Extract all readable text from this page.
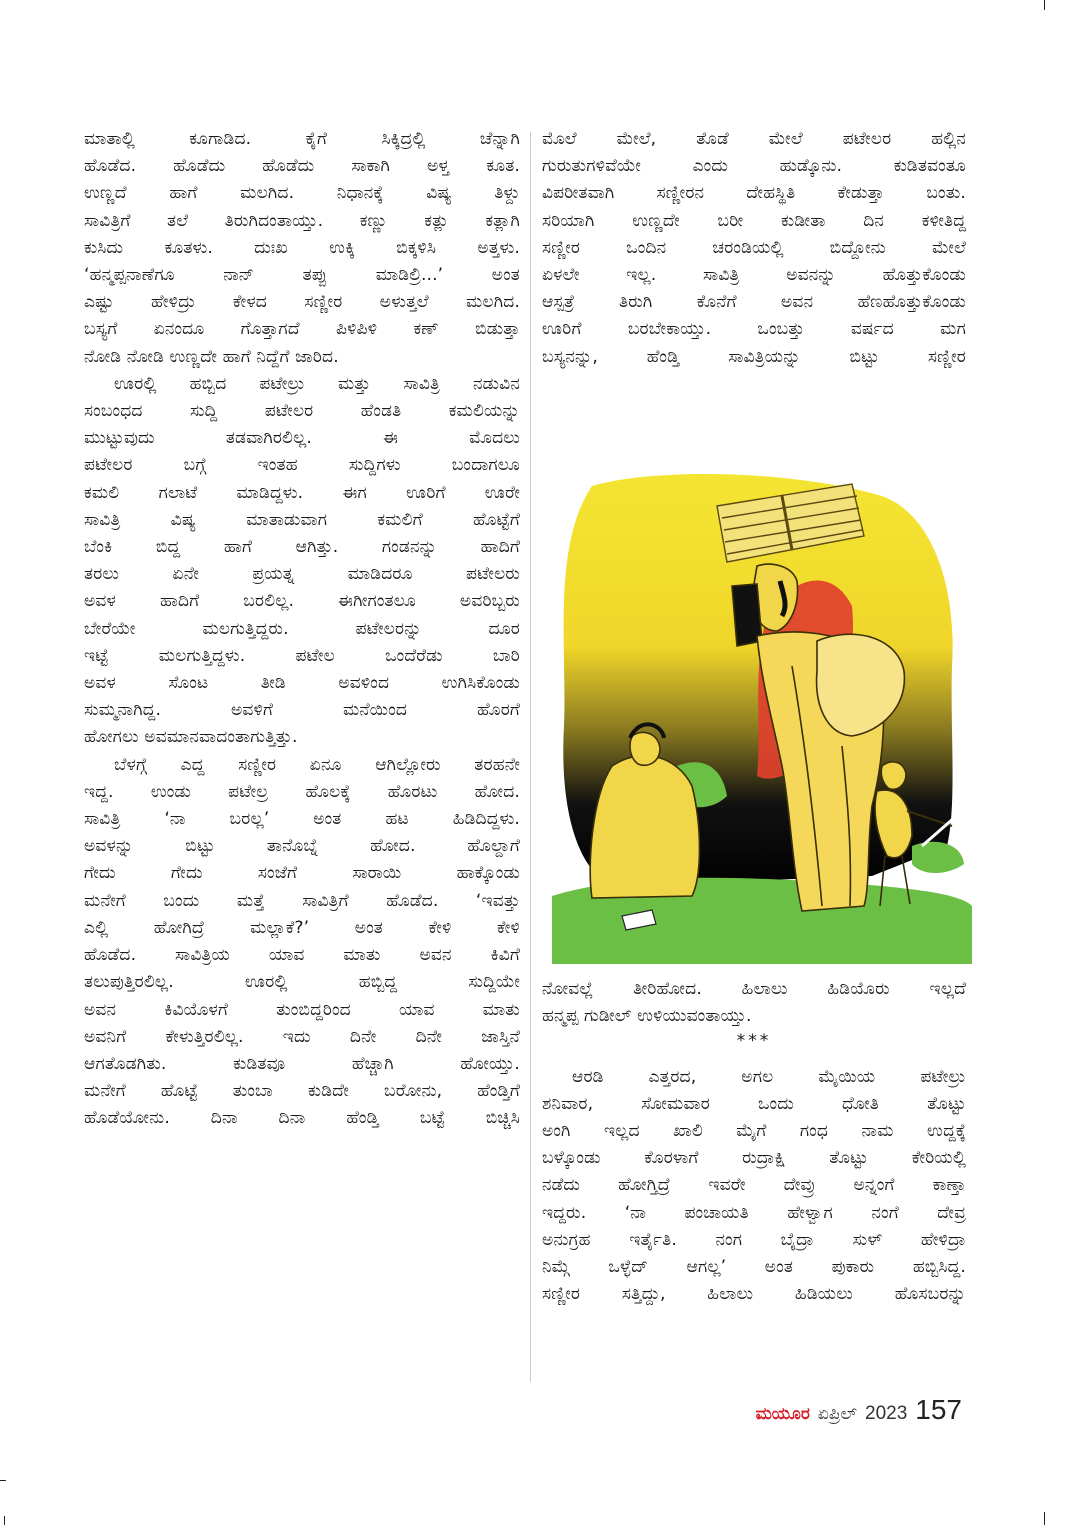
ಮಾತಾಲ್ಲಿ ಕೂಗಾಡಿದ. ಕೈಗೆ ಸಿಕ್ಕಿದ್ರಲ್ಲಿ ಚೆನ್ನಾಗಿ

ಹೊಡೆದ. ಹೊಡೆದು ಹೊಡೆದು ಸಾಕಾಗಿ ಅಳ್ತ ಕೂತ.

ಉಣ್ಣದೆ ಹಾಗೆ ಮಲಗಿದ. ನಿಧಾನಕ್ಕೆ ವಿಷ್ಯ ತಿಳ್ದು

ಸಾವಿತ್ರಿಗೆ ತಲೆ ತಿರುಗಿದಂತಾಯ್ತು. ಕಣ್ಣು ಕತ್ಲು ಕತ್ಲಾಗಿ

ಕುಸಿದು ಕೂತಳು. ದುಃಖ ಉಕ್ಕಿ ಬಿಕ್ಕಳಿಸಿ ಅತ್ತಳು.

‘ಹನ್ಮಪ್ಪನಾಣೆಗೂ ನಾನ್ ತಪ್ಪು ಮಾಡಿಲ್ರಿ...’ ಅಂತ

ಎಷ್ಟು ಹೇಳಿದ್ರು ಕೇಳದ ಸಣ್ಣೀರ ಅಳುತ್ತಲೆ ಮಲಗಿದ.

ಬಸ್ಯಗೆ ಏನಂದೂ ಗೊತ್ತಾಗದೆ ಪಿಳಿಪಿಳಿ ಕಣ್ ಬಿಡುತ್ತಾ

ನೋಡಿ ನೋಡಿ ಉಣ್ಣದೇ ಹಾಗೆ ನಿದ್ದೆಗೆ ಜಾರಿದ.

ಊರಲ್ಲಿ ಹಬ್ಬಿದ ಪಟೇಲ್ರು ಮತ್ತು ಸಾವಿತ್ರಿ ನಡುವಿನ

ಸಂಬಂಧದ ಸುದ್ದಿ ಪಟೇಲರ ಹೆಂಡತಿ ಕಮಲಿಯನ್ನು

ಮುಟ್ಟುವುದು ತಡವಾಗಿರಲಿಲ್ಲ. ಈ ಮೊದಲು

ಪಟೇಲರ ಬಗ್ಗೆ ಇಂತಹ ಸುದ್ದಿಗಳು ಬಂದಾಗಲೂ

ಕಮಲಿ ಗಲಾಟೆ ಮಾಡಿದ್ದಳು. ಈಗ ಊರಿಗೆ ಊರೇ

ಸಾವಿತ್ರಿ ವಿಷ್ಯ ಮಾತಾಡುವಾಗ ಕಮಲಿಗೆ ಹೊಟ್ಟೆಗೆ

ಬೆಂಕಿ ಬಿದ್ದ ಹಾಗೆ ಆಗಿತ್ತು. ಗಂಡನನ್ನು ಹಾದಿಗೆ

ತರಲು ಏನೇ ಪ್ರಯತ್ನ ಮಾಡಿದರೂ ಪಟೇಲರು

ಅವಳ ಹಾದಿಗೆ ಬರಲಿಲ್ಲ. ಈಗೀಗಂತಲೂ ಅವರಿಬ್ಬರು

ಬೇರೆಯೇ ಮಲಗುತ್ತಿದ್ದರು. ಪಟೇಲರನ್ನು ದೂರ

ಇಟ್ಟೆ ಮಲಗುತ್ತಿದ್ದಳು. ಪಟೇಲ ಒಂದೆರೆಡು ಬಾರಿ

ಅವಳ ಸೊಂಟ ತೀಡಿ ಅವಳಿಂದ ಉಗಿಸಿಕೊಂಡು

ಸುಮ್ಮನಾಗಿದ್ದ. ಅವಳಿಗೆ ಮನೆಯಿಂದ ಹೊರಗೆ

ಹೋಗಲು ಅವಮಾನವಾದಂತಾಗುತ್ತಿತ್ತು.

ಬೆಳಗ್ಗೆ ಎದ್ದ ಸಣ್ಣೀರ ಏನೂ ಆಗಿಲ್ಲೋರು ತರಹನೇ

ಇದ್ದ. ಉಂಡು ಪಟೇಲ್ರ ಹೊಲಕ್ಕೆ ಹೊರಟು ಹೋದ.

ಸಾವಿತ್ರಿ ‘ನಾ ಬರಲ್ಲ’ ಅಂತ ಹಟ ಹಿಡಿದಿದ್ದಳು.

ಅವಳನ್ನು ಬಿಟ್ಟು ತಾನೊಬ್ನೆ ಹೋದ. ಹೊಲ್ದಾಗೆ

ಗೇದು ಗೇದು ಸಂಜೆಗೆ ಸಾರಾಯಿ ಹಾಕ್ಕೊಂಡು

ಮನೇಗೆ ಬಂದು ಮತ್ತೆ ಸಾವಿತ್ರಿಗೆ ಹೊಡೆದ. ‘ಇವತ್ತು

ಎಲ್ಲಿ ಹೋಗಿದ್ರೆ ಮಲ್ಲಾಕೆ?’ ಅಂತ ಕೇಳಿ ಕೇಳಿ

ಹೊಡೆದ. ಸಾವಿತ್ರಿಯ ಯಾವ ಮಾತು ಅವನ ಕಿವಿಗೆ

ತಲುಪುತ್ತಿರಲಿಲ್ಲ. ಊರಲ್ಲಿ ಹಬ್ಬಿದ್ದ ಸುದ್ದಿಯೇ

ಅವನ ಕಿವಿಯೊಳಗೆ ತುಂಬಿದ್ದರಿಂದ ಯಾವ ಮಾತು

ಅವನಿಗೆ ಕೇಳುತ್ತಿರಲಿಲ್ಲ. ಇದು ದಿನೇ ದಿನೇ ಜಾಸ್ತಿನೆ

ಆಗತೊಡಗಿತು. ಕುಡಿತವೂ ಹೆಚ್ಚಾಗಿ ಹೋಯ್ತು.

ಮನೇಗೆ ಹೊಟ್ಟೆ ತುಂಬಾ ಕುಡಿದೇ ಬರೋನು, ಹೆಂಡ್ತಿಗೆ

ಹೊಡೆಯೋನು. ದಿನಾ ದಿನಾ ಹೆಂಡ್ತಿ ಬಟ್ಟೆ ಬಿಚ್ಚಿಸಿ

ಮೊಲೆ ಮೇಲೆ, ತೊಡೆ ಮೇಲೆ ಪಟೇಲರ ಹಲ್ಲಿನ

ಗುರುತುಗಳಿವೆಯೇ ಎಂದು ಹುಡ್ಕೊನು. ಕುಡಿತವಂತೂ

ವಿಪರೀತವಾಗಿ ಸಣ್ಣೀರನ ದೇಹಸ್ಥಿತಿ ಕೇಡುತ್ತಾ ಬಂತು.

ಸರಿಯಾಗಿ ಉಣ್ಣದೇ ಬರೀ ಕುಡೀತಾ ದಿನ ಕಳೀತಿದ್ದ

ಸಣ್ಣೀರ ಒಂದಿನ ಚರಂಡಿಯಲ್ಲಿ ಬಿದ್ದೋನು ಮೇಲೆ

ಏಳಲೇ ಇಲ್ಲ. ಸಾವಿತ್ರಿ ಅವನನ್ನು ಹೊತ್ತುಕೊಂಡು

ಆಸ್ಪತ್ರೆ ತಿರುಗಿ ಕೊನೆಗೆ ಅವನ ಹೆಣಹೊತ್ತುಕೊಂಡು

ಊರಿಗೆ ಬರಬೇಕಾಯ್ತು. ಒಂಬತ್ತು ವರ್ಷದ ಮಗ

ಬಸ್ಯನನ್ನು, ಹೆಂಡ್ತಿ ಸಾವಿತ್ರಿಯನ್ನು ಬಿಟ್ಟು ಸಣ್ಣೀರ

ನೋವಲ್ಲೆ ತೀರಿಹೋದ. ಹಿಲಾಲು ಹಿಡಿಯೊರು ಇಲ್ಲದೆ

ಹನ್ಮಪ್ಪ ಗುಡೀಲ್ ಉಳಿಯುವಂತಾಯ್ತು.

***

ಆರಡಿ ಎತ್ತರದ, ಅಗಲ ಮೈಯಿಯ ಪಟೇಲ್ರು

ಶನಿವಾರ, ಸೋಮವಾರ ಒಂದು ಧೋತಿ ತೊಟ್ಟು

ಅಂಗಿ ಇಲ್ಲದ ಖಾಲಿ ಮೈಗೆ ಗಂಧ ನಾಮ ಉದ್ದಕ್ಕೆ

ಬಳ್ಕೊಂಡು ಕೊರಳಾಗೆ ರುದ್ರಾಕ್ಷಿ ತೊಟ್ಟು ಕೇರಿಯಲ್ಲಿ

ನಡೆದು ಹೋಗ್ತಿದ್ರೆ ಇವರೇ ದೇವ್ರು ಅನ್ನಂಗೆ ಕಾಣ್ತಾ

ಇದ್ದರು. ‘ನಾ ಪಂಚಾಯತಿ ಹೇಳ್ವಾಗ ನಂಗೆ ದೇವ್ರ

ಅನುಗ್ರಹ ಇರ್ತೈತಿ. ನಂಗ ಬೈದ್ರಾ ಸುಳ್ ಹೇಳಿದ್ರಾ

ನಿಮ್ಗೆ ಒಳ್ಳೆದ್ ಆಗಲ್ಲ’ ಅಂತ ಪುಕಾರು ಹಬ್ಬಿಸಿದ್ದ.

ಸಣ್ಣೀರ ಸತ್ತಿದ್ದು, ಹಿಲಾಲು ಹಿಡಿಯಲು ಹೊಸಬರನ್ನು

ಮಯೂರ ಏಪ್ರಿಲ್ 2023 157
